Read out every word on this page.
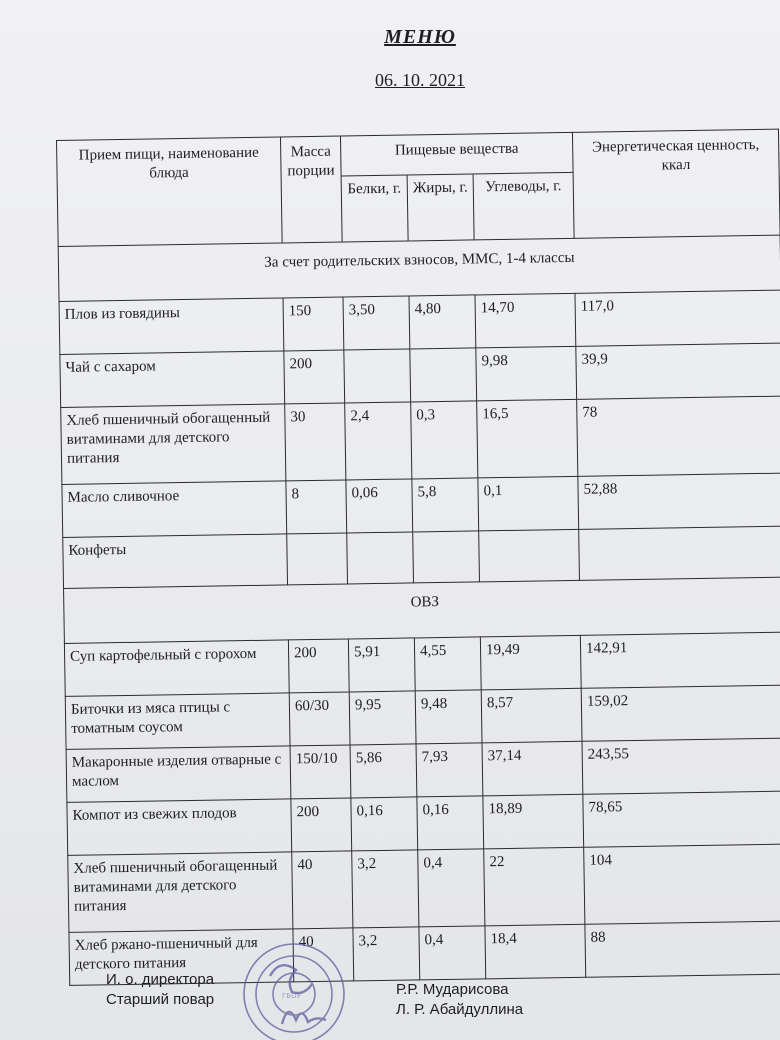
МЕНЮ
06. 10. 2021
Прием пищи, наименование блюда	Масса порции	Пищевые вещества			Энергетическая ценность, ккал
		Белки, г.	Жиры, г.	Углеводы, г.	

За счет родительских взносов, ММС, 1-4 классы					

Плов из говядины	150	3,50	4,80	14,70	117,0
Чай с сахаром	200			9,98	39,9
Хлеб пшеничный обогащенный витаминами для детского питания	30	2,4	0,3	16,5	78
Масло сливочное	8	0,06	5,8	0,1	52,88
Конфеты					

ОВЗ					

Суп картофельный с горохом	200	5,91	4,55	19,49	142,91
Биточки из мяса птицы с томатным соусом	60/30	9,95	9,48	8,57	159,02
Макаронные изделия отварные с маслом	150/10	5,86	7,93	37,14	243,55
Компот из свежих плодов	200	0,16	0,16	18,89	78,65
Хлеб пшеничный обогащенный витаминами для детского питания	40	3,2	0,4	22	104
Хлеб ржано-пшеничный для детского питания	40	3,2	0,4	18,4	88
И. о. директора
Старший повар	ГБОУ	Р.Р. Мударисова
Л. Р. Абайдуллина
